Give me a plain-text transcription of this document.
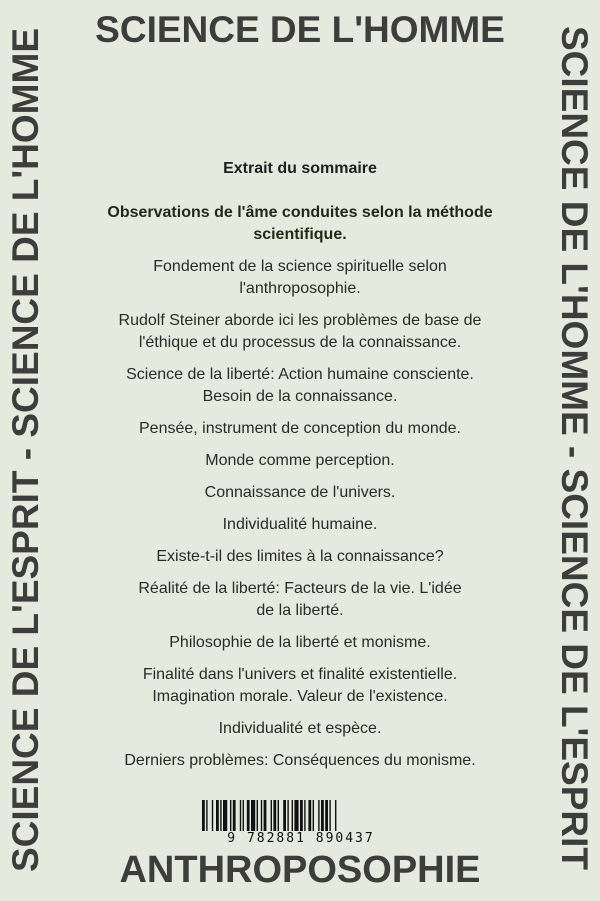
SCIENCE DE L'HOMME	SCIENCE DE L'HOMME - SCIENCE DE L'ESPRIT
SCIENCE DE L'ESPRIT - SCIENCE DE L'HOMME	ANTHROPOSOPHIE
Extrait du sommaire
Observations de l'âme conduites selon la méthode scientifique.
Fondement de la science spirituelle selon l'anthroposophie.
Rudolf Steiner aborde ici les problèmes de base de l'éthique et du processus de la connaissance.
Science de la liberté: Action humaine consciente. Besoin de la connaissance.
Pensée, instrument de conception du monde.
Monde comme perception.
Connaissance de l'univers.
Individualité humaine.
Existe-t-il des limites à la connaissance?
Réalité de la liberté: Facteurs de la vie. L'idée de la liberté.
Philosophie de la liberté et monisme.
Finalité dans l'univers et finalité existentielle. Imagination morale. Valeur de l'existence.
Individualité et espèce.
Derniers problèmes: Conséquences du monisme.
9 782881 890437
